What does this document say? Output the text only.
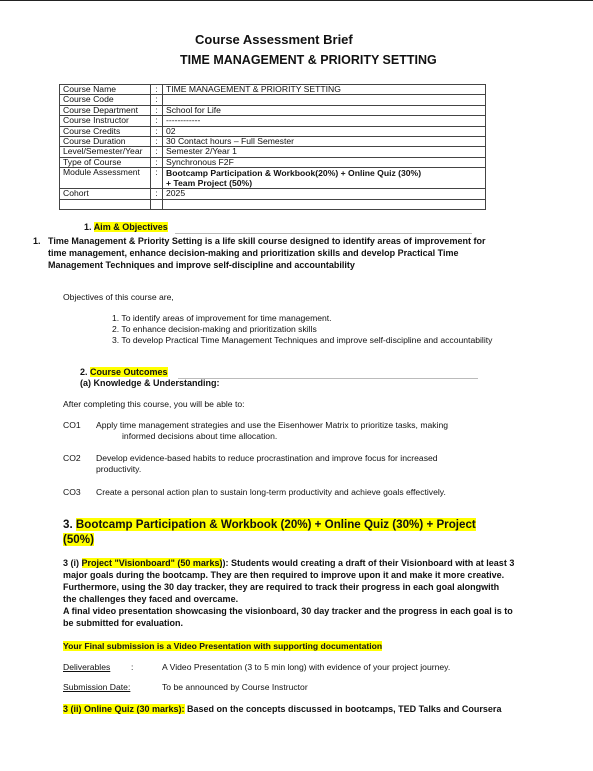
Course Assessment Brief
TIME MANAGEMENT & PRIORITY SETTING
Course Name	:	TIME MANAGEMENT & PRIORITY SETTING
Course Code	:	
Course Department	:	School for Life
Course Instructor	:	------------
Course Credits	:	02
Course Duration	:	30 Contact hours – Full Semester
Level/Semester/Year	:	Semester 2/Year 1
Type of Course	:	Synchronous F2F
Module Assessment	:	Bootcamp Participation & Workbook(20%) + Online Quiz (30%)
+ Team Project (50%)

Cohort	:	2025

1. Aim & Objectives
1. Time Management & Priority Setting is a life skill course designed to identify areas of improvement for
time management, enhance decision-making and prioritization skills and develop Practical Time
Management Techniques and improve self-discipline and accountability
Objectives of this course are,
1. To identify areas of improvement for time management.
2. To enhance decision-making and prioritization skills
3. To develop Practical Time Management Techniques and improve self-discipline and accountability
2. Course Outcomes
(a) Knowledge & Understanding:
After completing this course, you will be able to:
CO1 Apply time management strategies and use the Eisenhower Matrix to prioritize tasks, making
informed decisions about time allocation.
CO2 Develop evidence-based habits to reduce procrastination and improve focus for increased
productivity.
CO3 Create a personal action plan to sustain long-term productivity and achieve goals effectively.
3. Bootcamp Participation & Workbook (20%) + Online Quiz (30%) + Project
(50%)
3 (i) Project "Visionboard" (50 marks)): Students would creating a draft of their Visionboard with at least 3
major goals during the bootcamp. They are then required to improve upon it and make it more creative.
Furthermore, using the 30 day tracker, they are required to track their progress in each goal alongwith
the challenges they faced and overcame.
A final video presentation showcasing the visionboard, 30 day tracker and the progress in each goal is to
be submitted for evaluation.
Your Final submission is a Video Presentation with supporting documentation
Deliverables :	A Video Presentation (3 to 5 min long) with evidence of your project journey.
Submission Date:	To be announced by Course Instructor
3 (ii) Online Quiz (30 marks): Based on the concepts discussed in bootcamps, TED Talks and Coursera
